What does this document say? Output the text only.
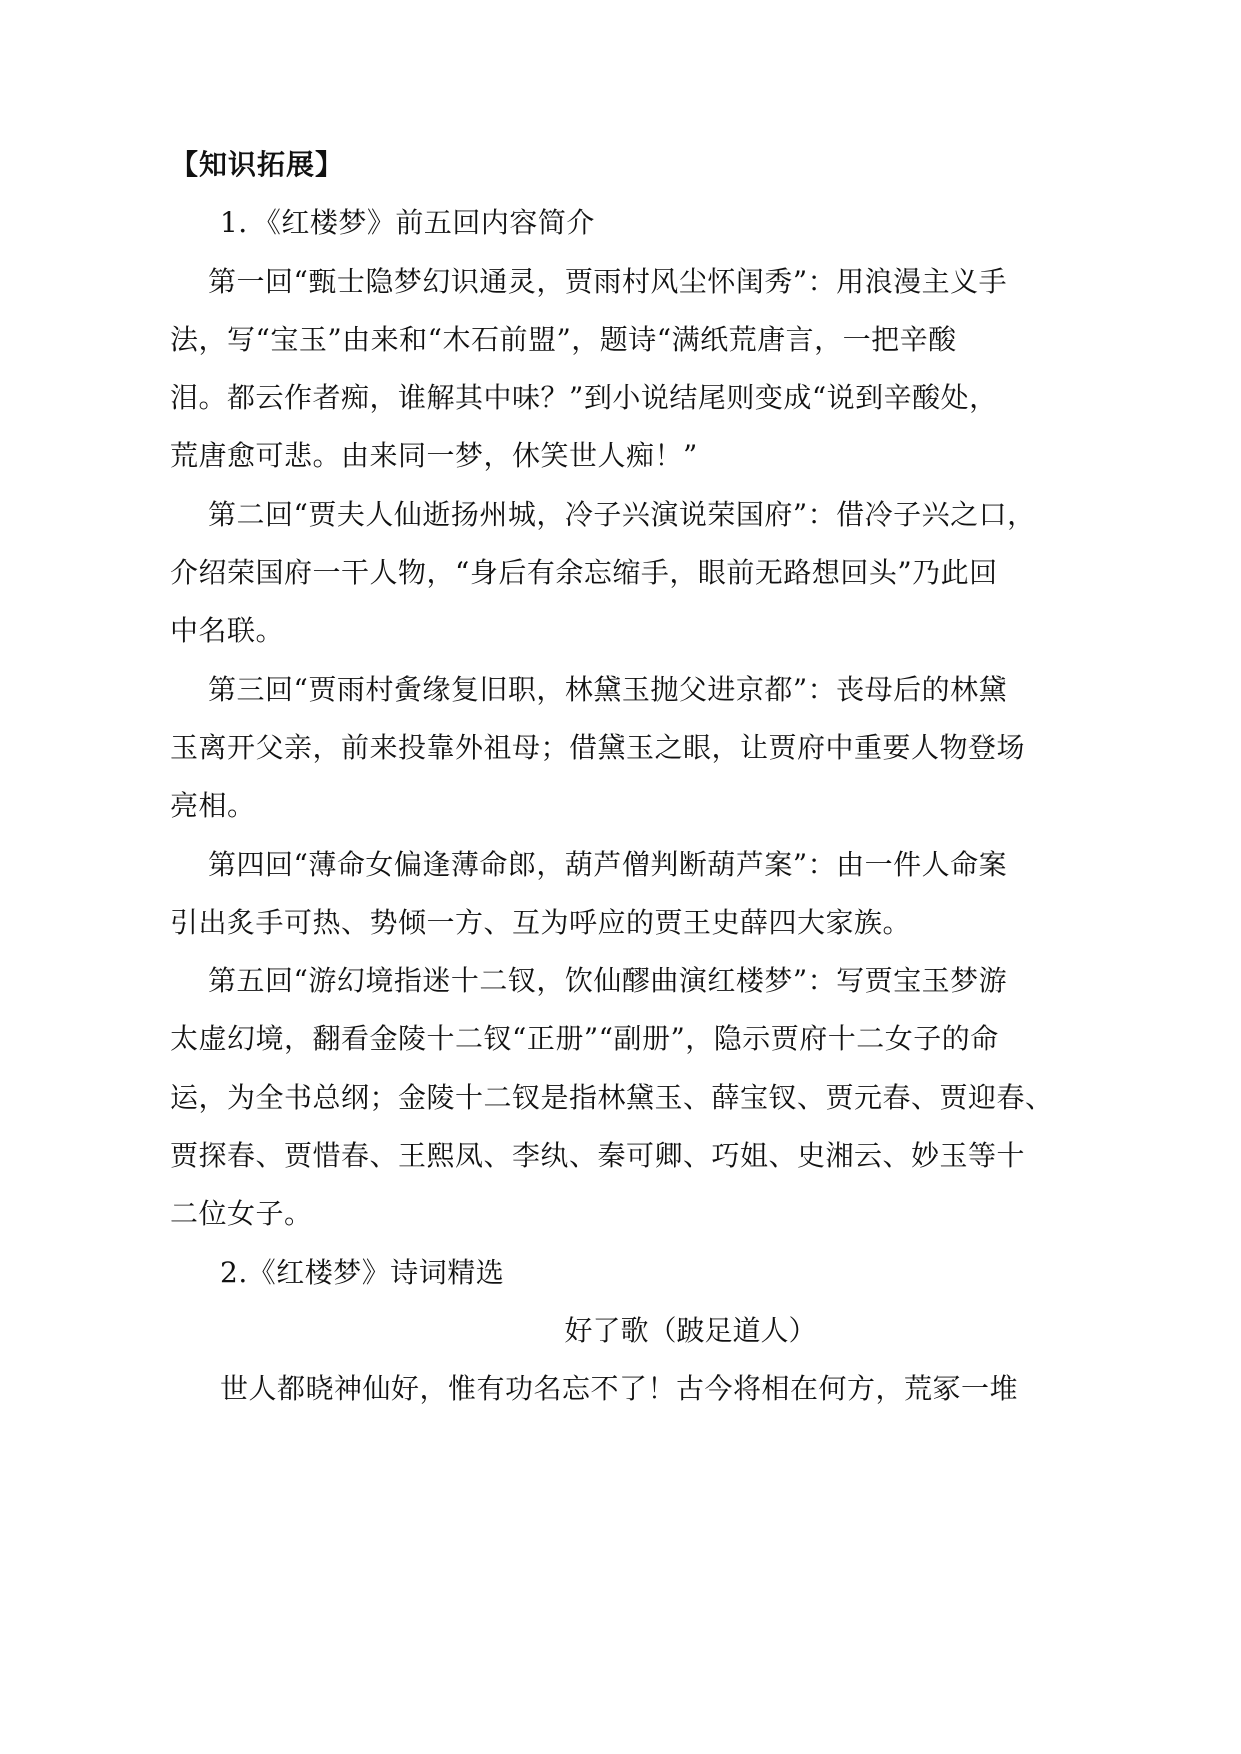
【知识拓展】
1．《红楼梦》前五回内容简介
第一回“甄士隐梦幻识通灵，贾雨村风尘怀闺秀”：用浪漫主义手
法，写“宝玉”由来和“木石前盟”，题诗“满纸荒唐言，一把辛酸
泪。都云作者痴，谁解其中味？”到小说结尾则变成“说到辛酸处，
荒唐愈可悲。由来同一梦，休笑世人痴！”
第二回“贾夫人仙逝扬州城，冷子兴演说荣国府”：借冷子兴之口，
介绍荣国府一干人物，“身后有余忘缩手，眼前无路想回头”乃此回
中名联。
第三回“贾雨村夤缘复旧职，林黛玉抛父进京都”：丧母后的林黛
玉离开父亲，前来投靠外祖母；借黛玉之眼，让贾府中重要人物登场
亮相。
第四回“薄命女偏逢薄命郎，葫芦僧判断葫芦案”：由一件人命案
引出炙手可热、势倾一方、互为呼应的贾王史薛四大家族。
第五回“游幻境指迷十二钗，饮仙醪曲演红楼梦”：写贾宝玉梦游
太虚幻境，翻看金陵十二钗“正册”“副册”，隐示贾府十二女子的命
运，为全书总纲；金陵十二钗是指林黛玉、薛宝钗、贾元春、贾迎春、
贾探春、贾惜春、王熙凤、李纨、秦可卿、巧姐、史湘云、妙玉等十
二位女子。
2.《红楼梦》诗词精选
好了歌（跛足道人）
世人都晓神仙好，惟有功名忘不了！古今将相在何方，荒冢一堆
